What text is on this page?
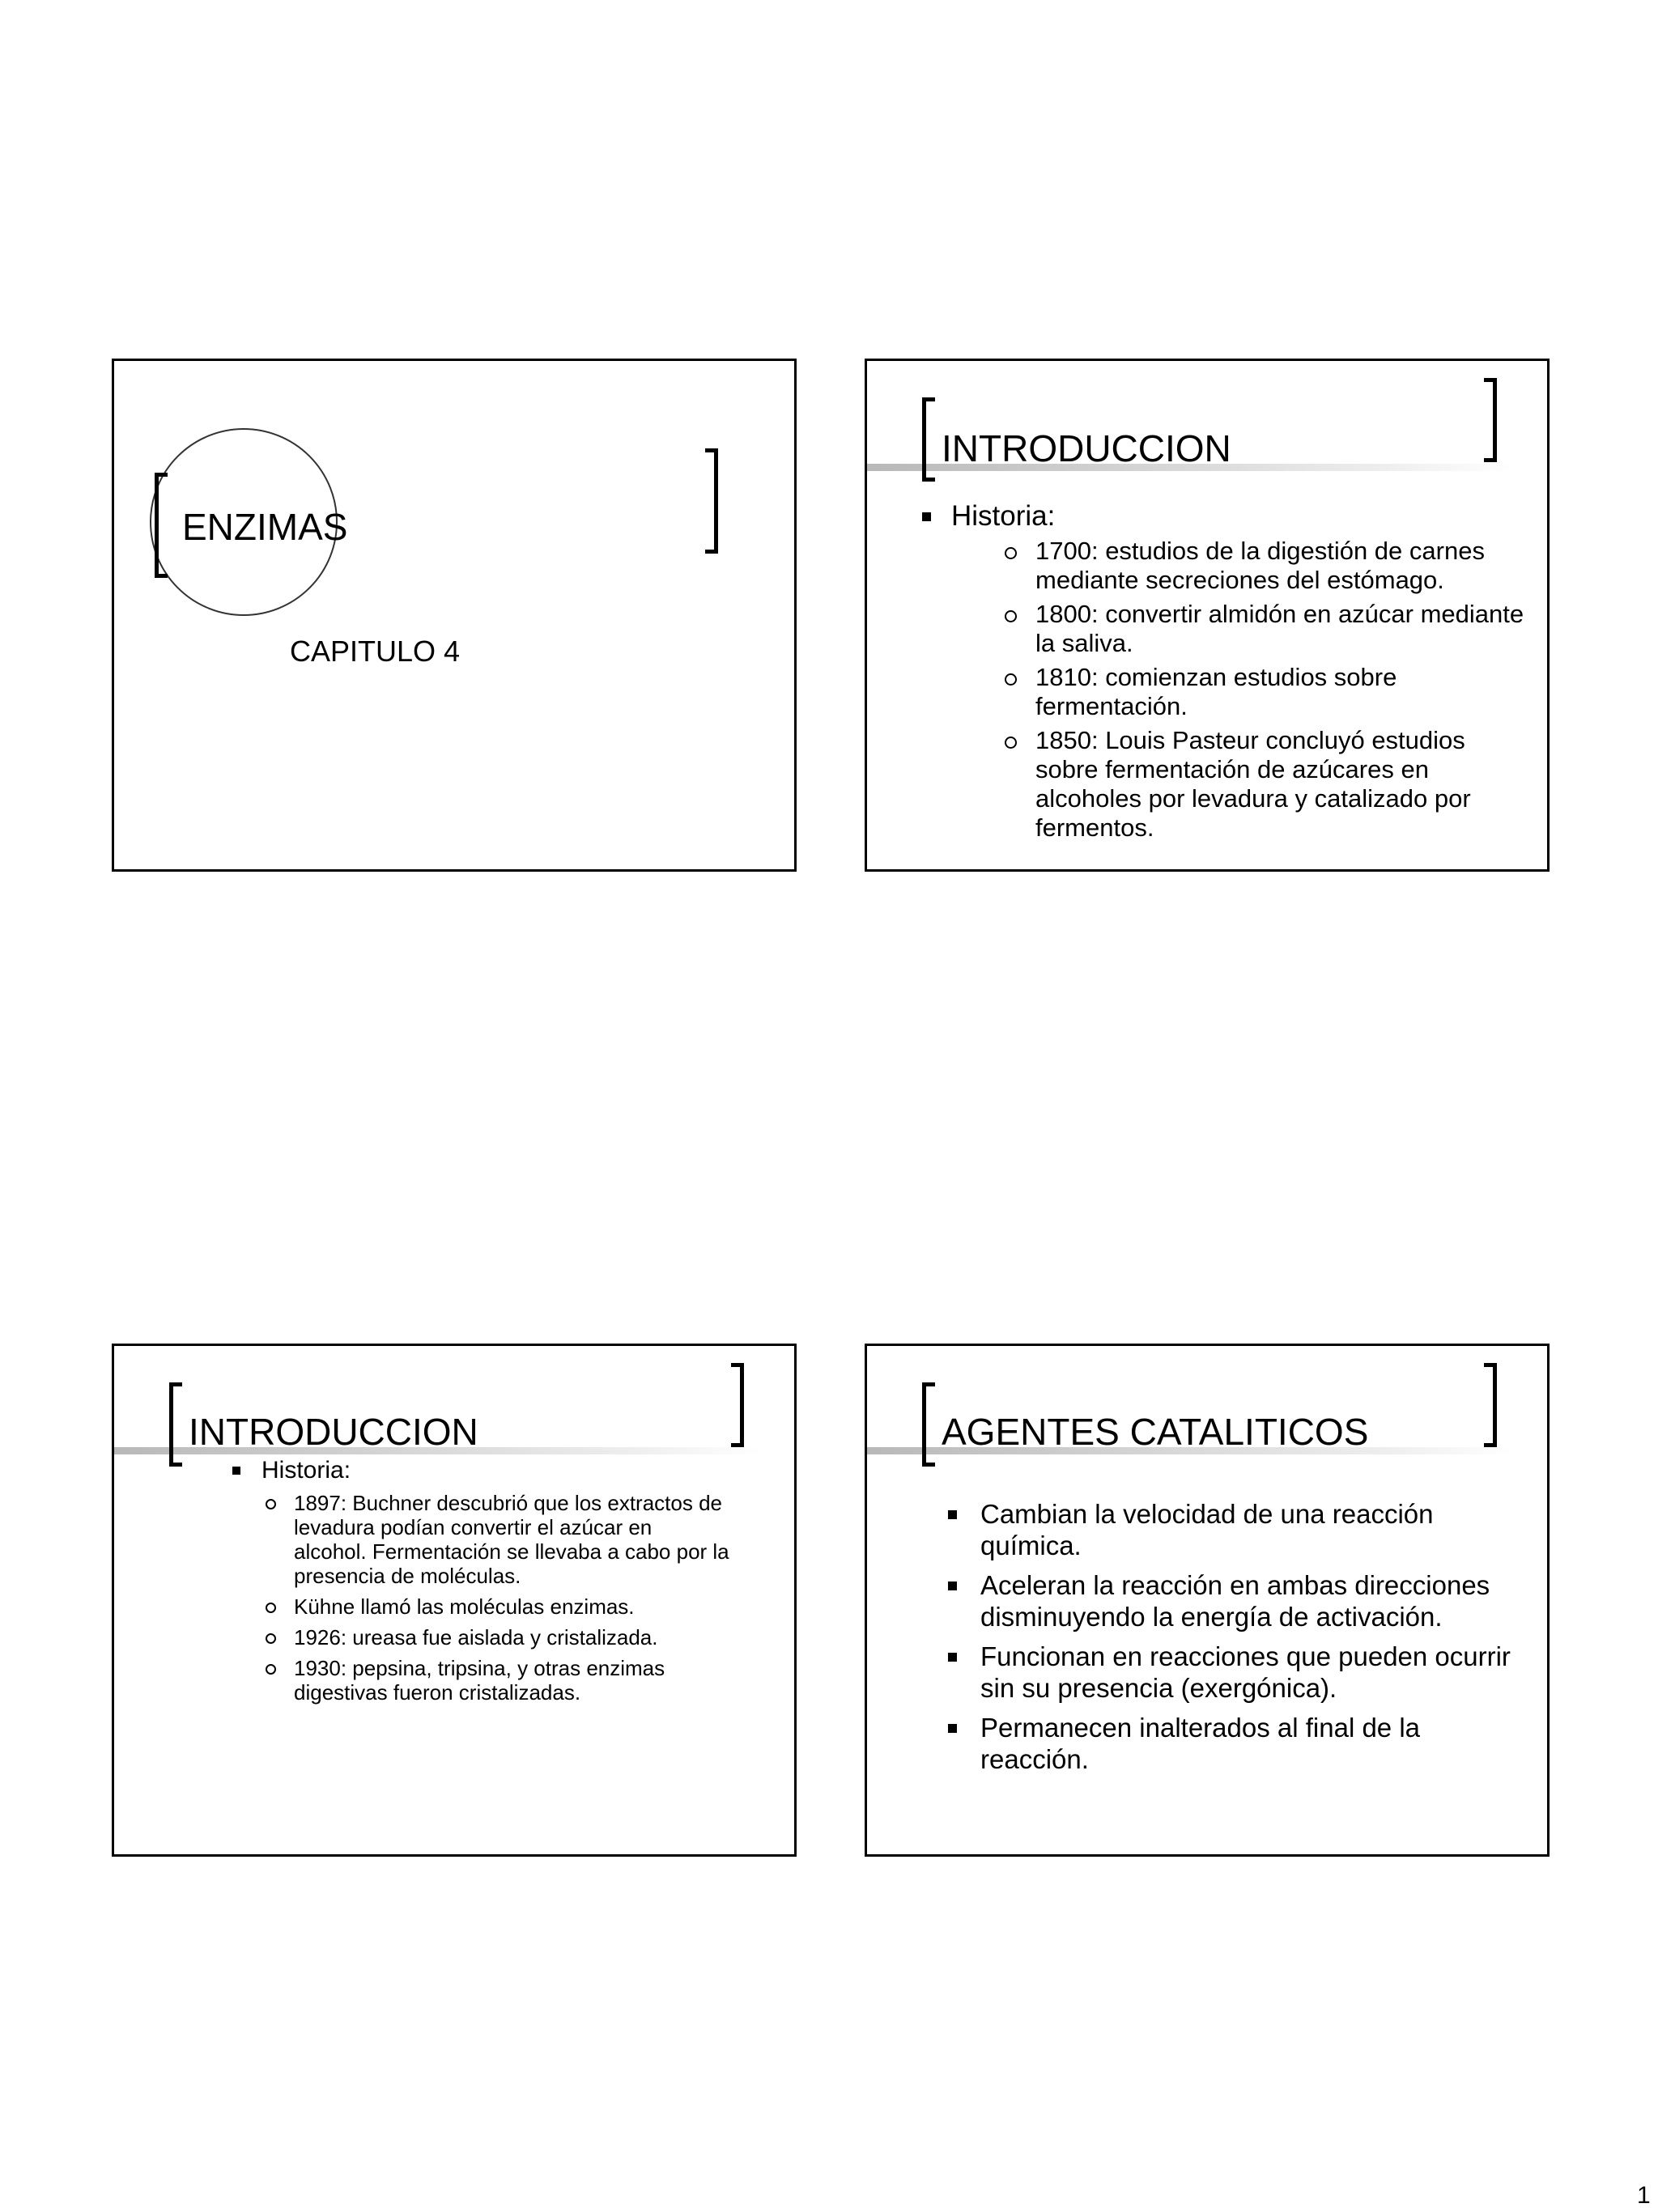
ENZIMAS
CAPITULO 4
INTRODUCCION
Historia:
1700: estudios de la digestión de carnes mediante secreciones del estómago.
1800: convertir almidón en azúcar mediante la saliva.
1810: comienzan estudios sobre fermentación.
1850: Louis Pasteur concluyó estudios sobre fermentación de azúcares en alcoholes por levadura y catalizado por fermentos.
INTRODUCCION
Historia:
1897: Buchner descubrió que los extractos de levadura podían convertir el azúcar en alcohol. Fermentación se llevaba a cabo por la presencia de moléculas.
Kühne llamó las moléculas enzimas.
1926: ureasa fue aislada y cristalizada.
1930: pepsina, tripsina, y otras enzimas digestivas fueron cristalizadas.
AGENTES CATALITICOS
Cambian la velocidad de una reacción química.
Aceleran la reacción en ambas direcciones disminuyendo la energía de activación.
Funcionan en reacciones que pueden ocurrir sin su presencia (exergónica).
Permanecen inalterados al final de la reacción.
1
